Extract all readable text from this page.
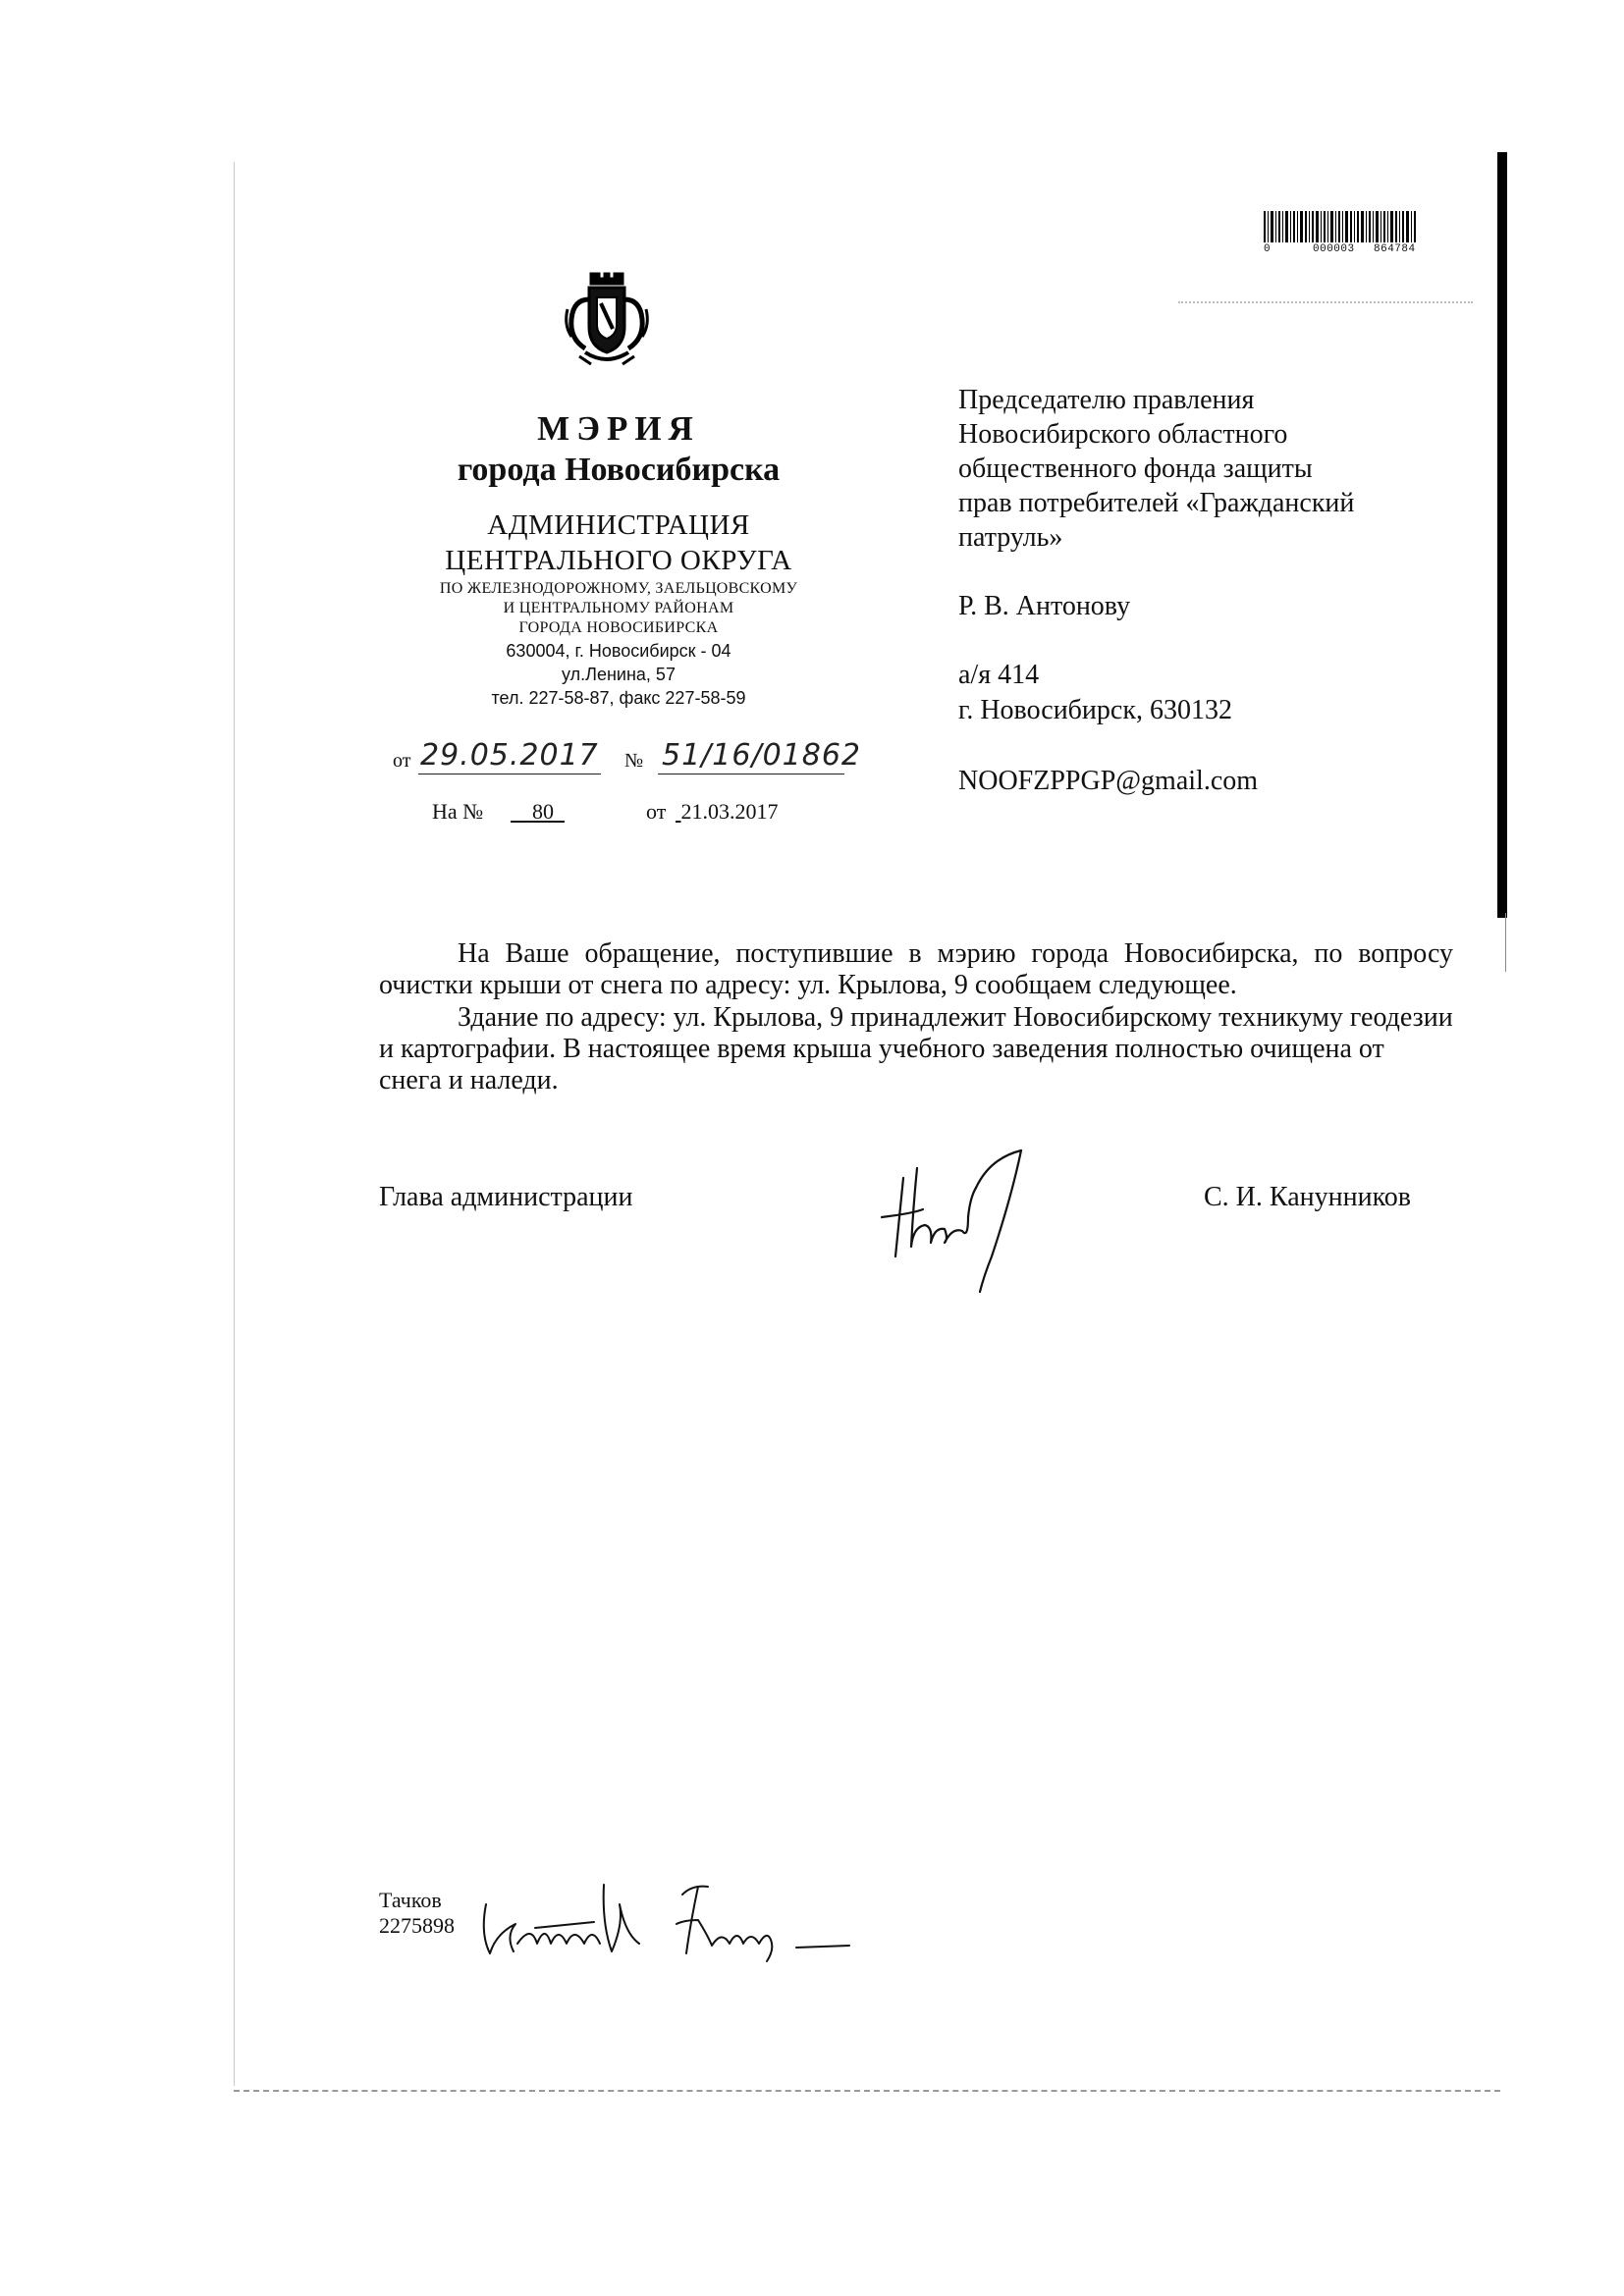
0	000003 864784
МЭРИЯ
города Новосибирска
АДМИНИСТРАЦИЯ
ЦЕНТРАЛЬНОГО ОКРУГА
ПО ЖЕЛЕЗНОДОРОЖНОМУ, ЗАЕЛЬЦОВСКОМУ
И ЦЕНТРАЛЬНОМУ РАЙОНАМ
ГОРОДА НОВОСИБИРСКА
630004, г. Новосибирск - 04
ул.Ленина, 57
тел. 227-58-87, факс 227-58-59
от 29.05.2017 № 51/16/01862
На №
80
	от
21.03.2017
Председателю правления
Новосибирского областного
общественного фонда защиты
прав потребителей «Гражданский
патруль»
Р. В. Антонову
а/я 414
г. Новосибирск, 630132
NOOFZPPGP@gmail.com
На Ваше обращение, поступившие в мэрию города Новосибирска, по вопросу очистки крыши от снега по адресу: ул. Крылова, 9 сообщаем следующее.
Здание по адресу: ул. Крылова, 9 принадлежит Новосибирскому техникуму геодезии и картографии. В настоящее время крыша учебного заведения полностью очищена от снега и наледи.
Глава администрации	С. И. Канунников
Тачков
2275898
